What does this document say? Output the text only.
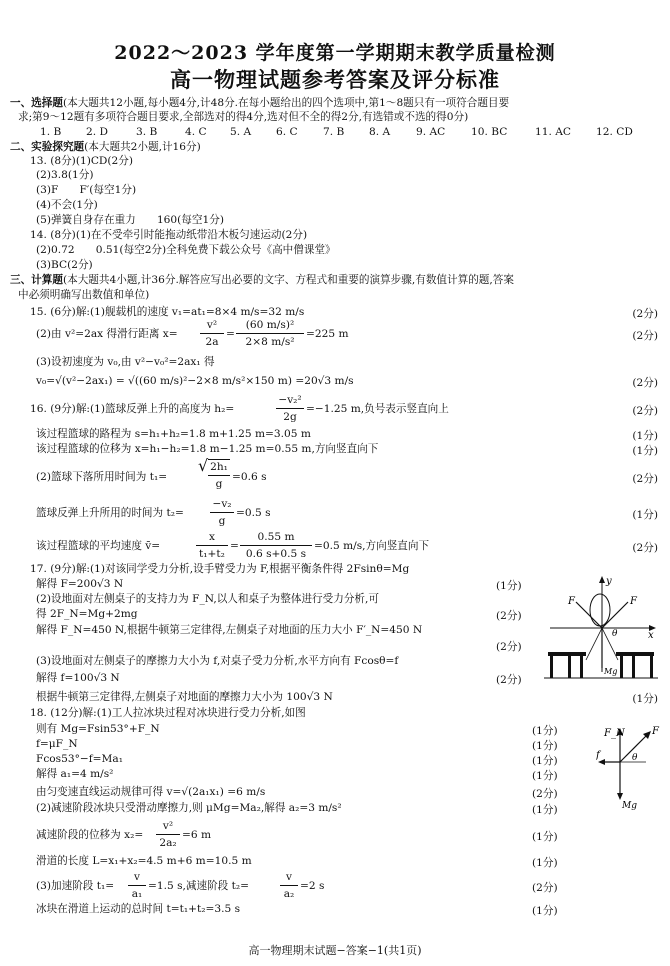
2022～2023 学年度第一学期期末教学质量检测
高一物理试题参考答案及评分标准
一、选择题(本大题共12小题,每小题4分,计48分.在每小题给出的四个选项中,第1～8题只有一项符合题目要
求;第9～12题有多项符合题目要求,全部选对的得4分,选对但不全的得2分,有选错或不选的得0分)
1. B 2. D	3. B	4. C 5. A 6. C 7. B 8. A 9. AC 10. BC	11. AC 12. CD
二、实验探究题(本大题共2小题,计16分)
13. (8分)(1)CD(2分)
(2)3.8(1分)
(3)F　　F′(每空1分)
(4)不会(1分)
(5)弹簧自身存在重力　　160(每空1分)
14. (8分)(1)在不受牵引时能拖动纸带沿木板匀速运动(2分)
(2)0.72　　0.51(每空2分)全科免费下载公众号《高中僧课堂》
(3)BC(2分)
三、计算题(本大题共4小题,计36分.解答应写出必要的文字、方程式和重要的演算步骤,有数值计算的题,答案
中必须明确写出数值和单位)
15. (6分)解:(1)舰载机的速度 v₁=at₁=8×4 m/s=32 m/s	(2分)
(2)由 v²=2ax 得滑行距离 x=
v²
2a
=
(60 m/s)²
2×8 m/s²
=225 m	(2分)
(3)设初速度为 v₀,由 v²−v₀²=2ax₁ 得
v₀=√(v²−2ax₁) = √((60 m/s)²−2×8 m/s²×150 m) =20√3 m/s	(2分)
16. (9分)解:(1)篮球反弹上升的高度为 h₂=
−v₂²
2g
=−1.25 m,负号表示竖直向上	(2分)
该过程篮球的路程为 s=h₁+h₂=1.8 m+1.25 m=3.05 m	(1分)
该过程篮球的位移为 x=h₁−h₂=1.8 m−1.25 m=0.55 m,方向竖直向下	(1分)
(2)篮球下落所用时间为 t₁=
√ 2h₁
g
=0.6 s	(2分)
篮球反弹上升所用的时间为 t₂=
−v₂
g
=0.5 s	(1分)
该过程篮球的平均速度 v̄=
x
t₁+t₂
=
0.55 m
0.6 s+0.5 s
=0.5 m/s,方向竖直向下	(2分)
17. (9分)解:(1)对该同学受力分析,设手臂受力为 F,根据平衡条件得 2Fsinθ=Mg
解得 F=200√3 N	(1分)
(2)设地面对左侧桌子的支持力为 F_N,以人和桌子为整体进行受力分析,可
得 2F_N=Mg+2mg	(2分)
解得 F_N=450 N,根据牛顿第三定律得,左侧桌子对地面的压力大小 F′_N=450 N
(2分)
(3)设地面对左侧桌子的摩擦力大小为 f,对桌子受力分析,水平方向有 Fcosθ=f
解得 f=100√3 N	(2分)
根据牛顿第三定律得,左侧桌子对地面的摩擦力大小为 100√3 N	(1分)
F	F
y
x
θ
Mg
18. (12分)解:(1)工人拉冰块过程对冰块进行受力分析,如图
则有 Mg=Fsin53°+F_N	(1分)
f=μF_N	(1分)
Fcos53°−f=Ma₁	(1分)
解得 a₁=4 m/s²	(1分)
由匀变速直线运动规律可得 v=√(2a₁x₁) =6 m/s	(2分)
(2)减速阶段冰块只受滑动摩擦力,则 μMg=Ma₂,解得 a₂=3 m/s²	(1分)
减速阶段的位移为 x₂=
v²
2a₂
=6 m	(1分)
滑道的长度 L=x₁+x₂=4.5 m+6 m=10.5 m	(1分)
(3)加速阶段 t₁=
v
a₁
=1.5 s,减速阶段 t₂=
v
a₂
=2 s	(2分)
冰块在滑道上运动的总时间 t=t₁+t₂=3.5 s	(1分)
F_N	F
f	θ
Mg
高一物理期末试题−答案−1(共1页)
